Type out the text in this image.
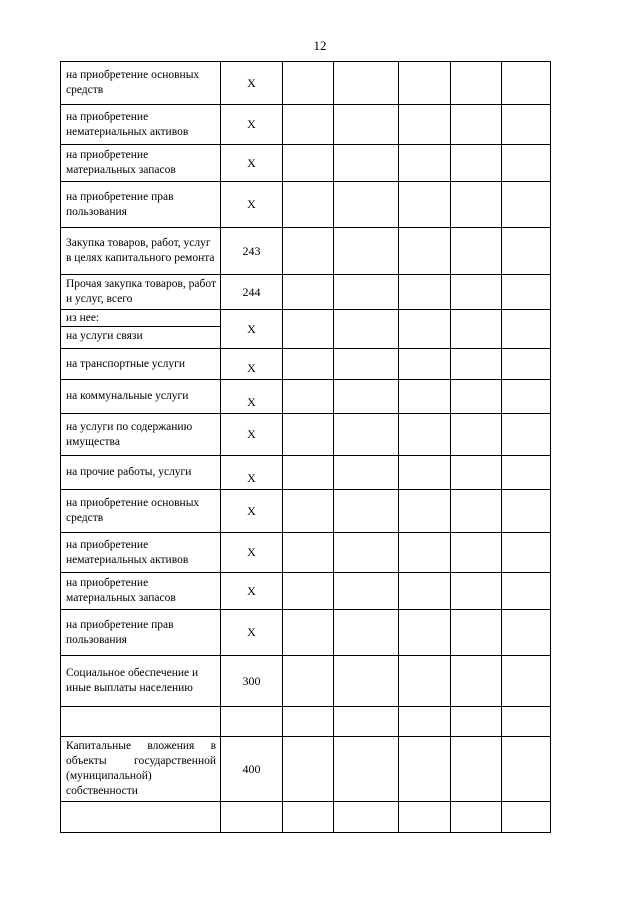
12
на приобретение основных средств	X					
на приобретение нематериальных активов	X					
на приобретение материальных запасов	X					
на приобретение прав пользования	X					
Закупка товаров, работ, услуг в целях капитального ремонта	243					
Прочая закупка товаров, работ и услуг, всего	244					

из нее:
на услуги связи	X					
на транспортные услуги	X					
на коммунальные услуги	X					
на услуги по содержанию имущества	X					
на прочие работы, услуги	X					
на приобретение основных средств	X					
на приобретение нематериальных активов	X					
на приобретение материальных запасов	X					
на приобретение прав пользования	X					
Социальное обеспечение и иные выплаты населению	300					

Капитальные вложения в объекты государственной (муниципальной) собственности	400					
